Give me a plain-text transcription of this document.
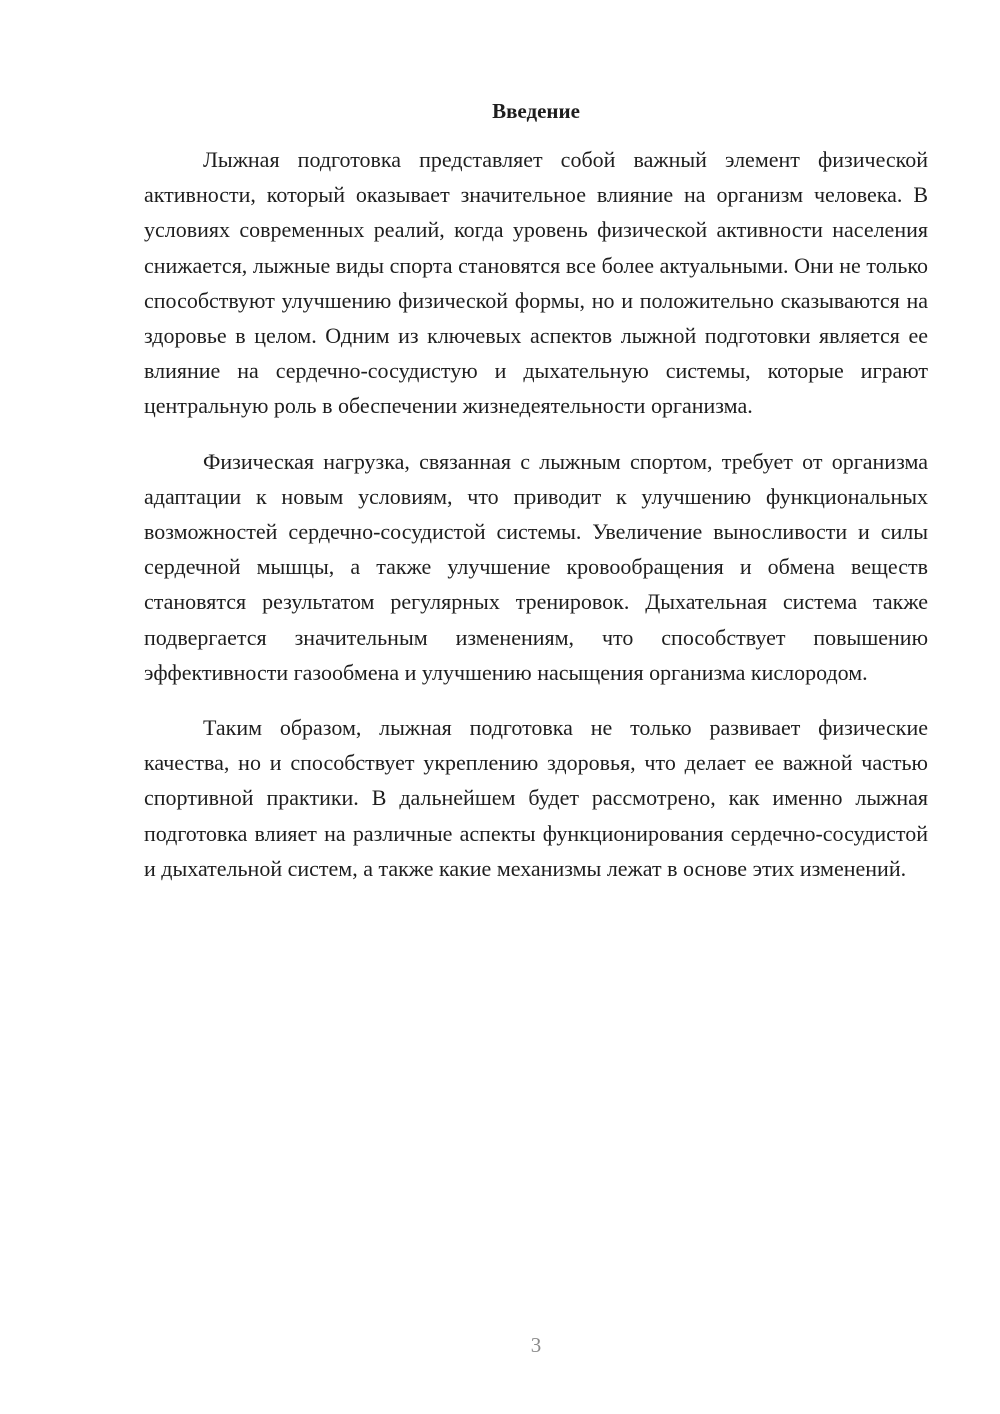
Введение

Лыжная подготовка представляет собой важный элемент физической активности, который оказывает значительное влияние на организм человека. В условиях современных реалий, когда уровень физической активности населения снижается, лыжные виды спорта становятся все более актуальными. Они не только способствуют улучшению физической формы, но и положительно сказываются на здоровье в целом. Одним из ключевых аспектов лыжной подготовки является ее влияние на сердечно-сосудистую и дыхательную системы, которые играют центральную роль в обеспечении жизнедеятельности организма.

Физическая нагрузка, связанная с лыжным спортом, требует от организма адаптации к новым условиям, что приводит к улучшению функциональных возможностей сердечно-сосудистой системы. Увеличение выносливости и силы сердечной мышцы, а также улучшение кровообращения и обмена веществ становятся результатом регулярных тренировок. Дыхательная система также подвергается значительным изменениям, что способствует повышению эффективности газообмена и улучшению насыщения организма кислородом.

Таким образом, лыжная подготовка не только развивает физические качества, но и способствует укреплению здоровья, что делает ее важной частью спортивной практики. В дальнейшем будет рассмотрено, как именно лыжная подготовка влияет на различные аспекты функционирования сердечно-сосудистой и дыхательной систем, а также какие механизмы лежат в основе этих изменений.

3
